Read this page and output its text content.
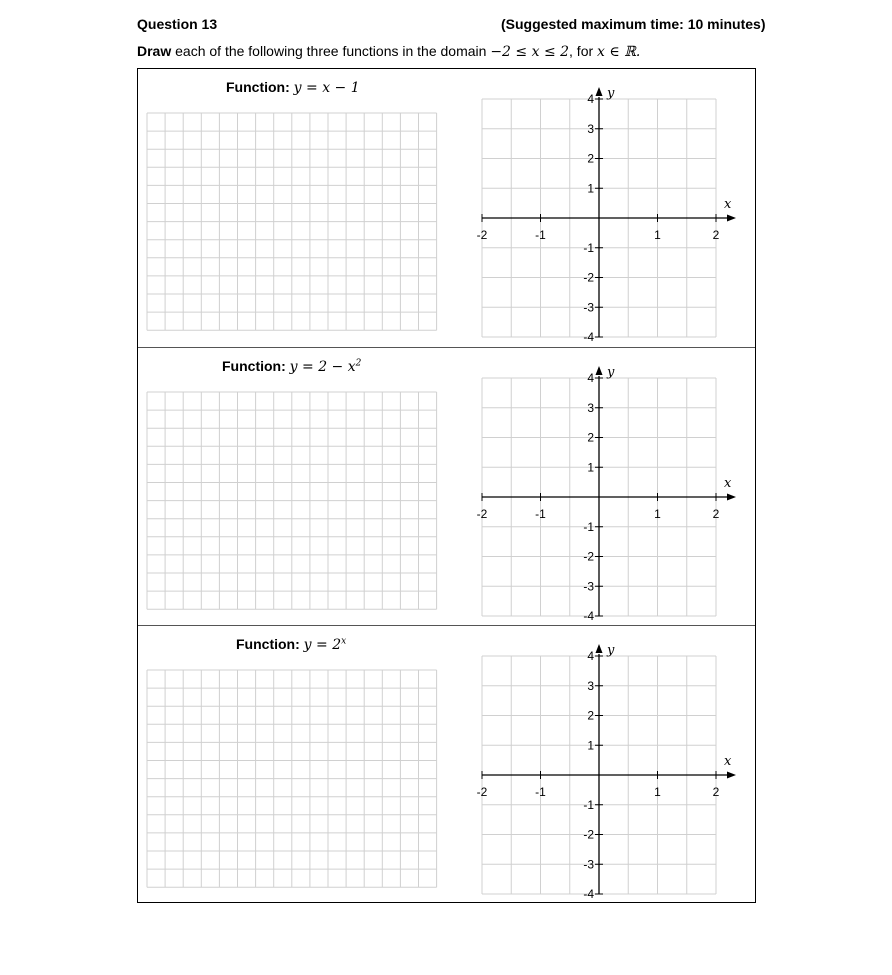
Question 13	(Suggested maximum time: 10 minutes)
Draw each of the following three functions in the domain −2 ≤ x ≤ 2, for x ∈ ℝ.
Function: y = x − 1
x
y
-2	-1	1	2
4
3
2
1
-1
-2
-3
-4
Function: $y = 2 - x^2$
x
y
-2	-1	1	2
4
3
2
1
-1
-2
-3
-4
Function: $y = 2^x$
x
y
-2	-1	1	2
4
3
2
1
-1
-2
-3
-4
